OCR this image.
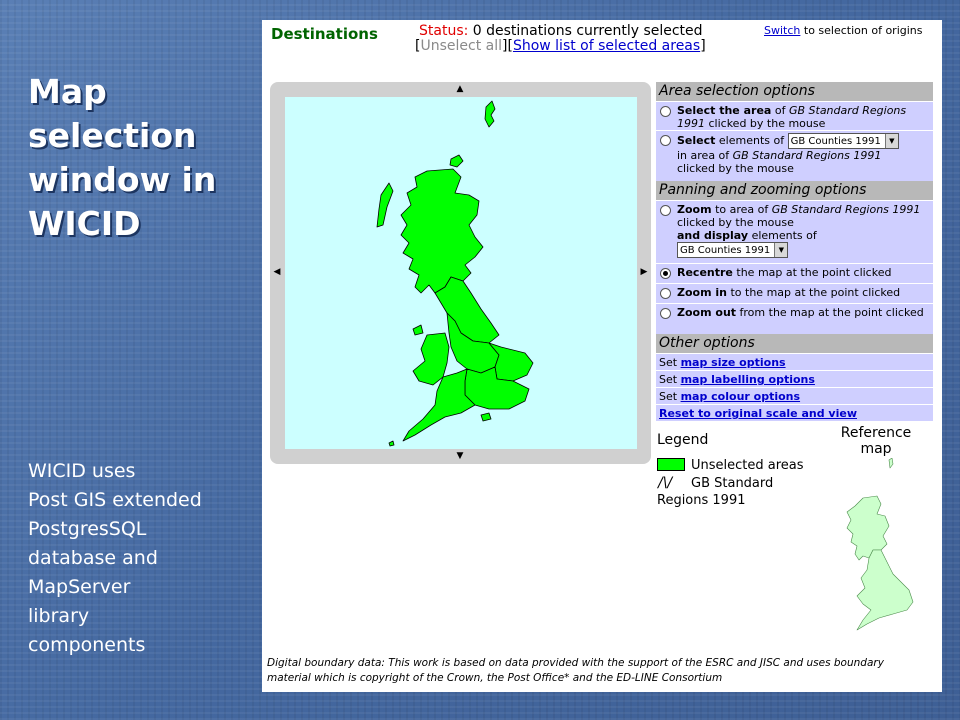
Map
selection
window in
WICID
WICID uses
Post GIS extended
PostgresSQL
database and
MapServer
library
components
Destinations	Status: 0 destinations currently selected
[Unselect all][Show list of selected areas]
Switch to selection of origins
▲
▼
◀	▶
Area selection options
Select the area of GB Standard Regions 1991 clicked by the mouse
Select elements of GB Counties 1991	▼

in area of GB Standard Regions 1991
clicked by the mouse
Panning and zooming options
Zoom to area of GB Standard Regions 1991 clicked by the mouse
and display elements of

GB Counties 1991	▼
Recentre the map at the point clicked
Zoom in to the map at the point clicked
Zoom out from the map at the point clicked
Other options
Set map size options
Set map labelling options
Set map colour options
Reset to original scale and view
Legend
Unselected areas
/\/ GB Standard
Regions 1991
Reference
map
Digital boundary data: This work is based on data provided with the support of the ESRC and JISC and uses boundary material which is copyright of the Crown, the Post Office* and the ED-LINE Consortium
